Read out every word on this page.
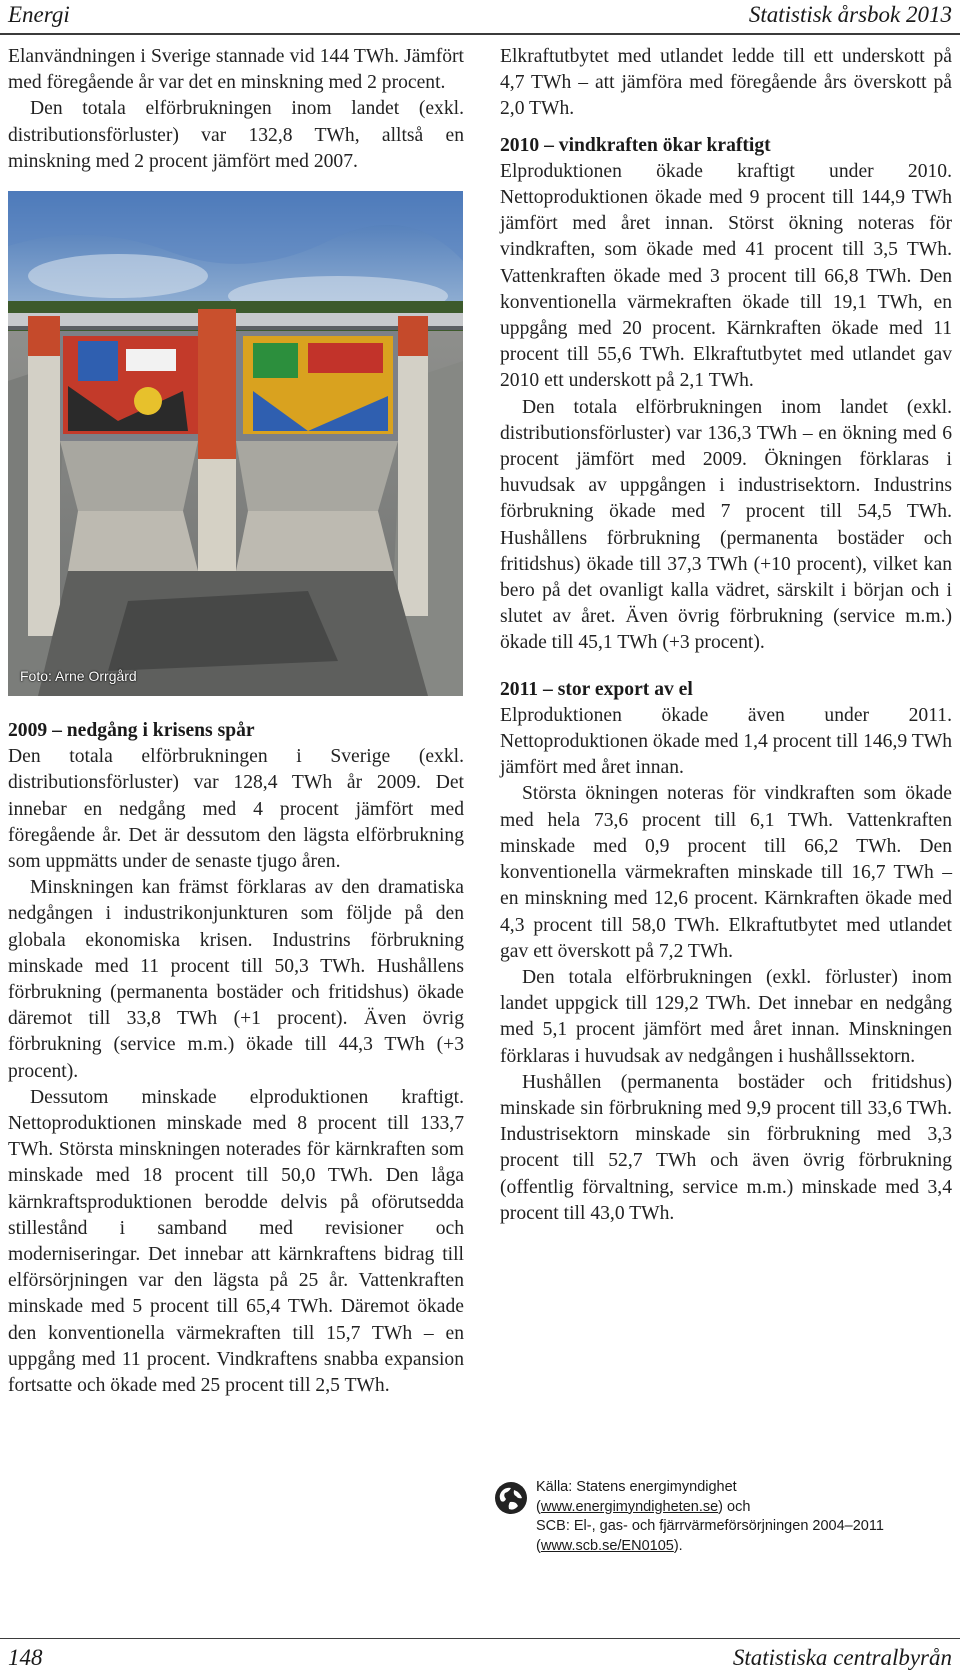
Energi	Statistisk årsbok 2013

Elanvändningen i Sverige stannade vid 144 TWh. Jämfört med föregående år var det en minskning med 2 procent.

Den totala elförbrukningen inom landet (exkl. distributionsförluster) var 132,8 TWh, alltså en minskning med 2 procent jämfört med 2007.

Foto: Arne Orrgård
2009 – nedgång i krisens spår

Den totala elförbrukningen i Sverige (exkl. distributionsförluster) var 128,4 TWh år 2009. Det innebar en nedgång med 4 procent jämfört med föregående år. Det är dessutom den lägsta elförbrukning som uppmätts under de senaste tjugo åren.

Minskningen kan främst förklaras av den dramatiska nedgången i industrikonjunkturen som följde på den globala ekonomiska krisen. Industrins förbrukning minskade med 11 procent till 50,3 TWh. Hushållens förbrukning (permanenta bostäder och fritidshus) ökade däremot till 33,8 TWh (+1 procent). Även övrig förbrukning (service m.m.) ökade till 44,3 TWh (+3 procent).

Dessutom minskade elproduktionen kraftigt. Nettoproduktionen minskade med 8 procent till 133,7 TWh. Största minskningen noterades för kärnkraften som minskade med 18 procent till 50,0 TWh. Den låga kärnkraftsproduktionen berodde delvis på oförutsedda stillestånd i samband med revisioner och moderniseringar. Det innebar att kärnkraftens bidrag till elförsörjningen var den lägsta på 25 år. Vattenkraften minskade med 5 procent till 65,4 TWh. Däremot ökade den konventionella värmekraften till 15,7 TWh – en uppgång med 11 procent. Vindkraftens snabba expansion fortsatte och ökade med 25 procent till 2,5 TWh.

Elkraftutbytet med utlandet ledde till ett underskott på 4,7 TWh – att jämföra med föregående års överskott på 2,0 TWh.

2010 – vindkraften ökar kraftigt

Elproduktionen ökade kraftigt under 2010. Nettoproduktionen ökade med 9 procent till 144,9 TWh jämfört med året innan. Störst ökning noteras för vindkraften, som ökade med 41 procent till 3,5 TWh. Vattenkraften ökade med 3 procent till 66,8 TWh. Den konventionella värmekraften ökade till 19,1 TWh, en uppgång med 20 procent. Kärnkraften ökade med 11 procent till 55,6 TWh. Elkraftutbytet med utlandet gav 2010 ett underskott på 2,1 TWh.

Den totala elförbrukningen inom landet (exkl. distributionsförluster) var 136,3 TWh – en ökning med 6 procent jämfört med 2009. Ökningen förklaras i huvudsak av uppgången i industrisektorn. Industrins förbrukning ökade med 7 procent till 54,5 TWh. Hushållens förbrukning (permanenta bostäder och fritidshus) ökade till 37,3 TWh (+10 procent), vilket kan bero på det ovanligt kalla vädret, särskilt i början och i slutet av året. Även övrig förbrukning (service m.m.) ökade till 45,1 TWh (+3 procent).

2011 – stor export av el

Elproduktionen ökade även under 2011. Nettoproduktionen ökade med 1,4 procent till 146,9 TWh jämfört med året innan.

Största ökningen noteras för vindkraften som ökade med hela 73,6 procent till 6,1 TWh. Vattenkraften minskade med 0,9 procent till 66,2 TWh. Den konventionella värmekraften minskade till 16,7 TWh – en minskning med 12,6 procent. Kärnkraften ökade med 4,3 procent till 58,0 TWh. Elkraftutbytet med utlandet gav ett överskott på 7,2 TWh.

Den totala elförbrukningen (exkl. förluster) inom landet uppgick till 129,2 TWh. Det innebar en nedgång med 5,1 procent jämfört med året innan. Minskningen förklaras i huvudsak av nedgången i hushållssektorn.

Hushållen (permanenta bostäder och fritidshus) minskade sin förbrukning med 9,9 procent till 33,6 TWh. Industrisektorn minskade sin förbrukning med 3,3 procent till 52,7 TWh och även övrig förbrukning (offentlig förvaltning, service m.m.) minskade med 3,4 procent till 43,0 TWh.

Källa: Statens energimyndighet
(www.energimyndigheten.se) och
SCB: El-, gas- och fjärrvärmeförsörjningen 2004–2011
(www.scb.se/EN0105).
148	Statistiska centralbyrån
